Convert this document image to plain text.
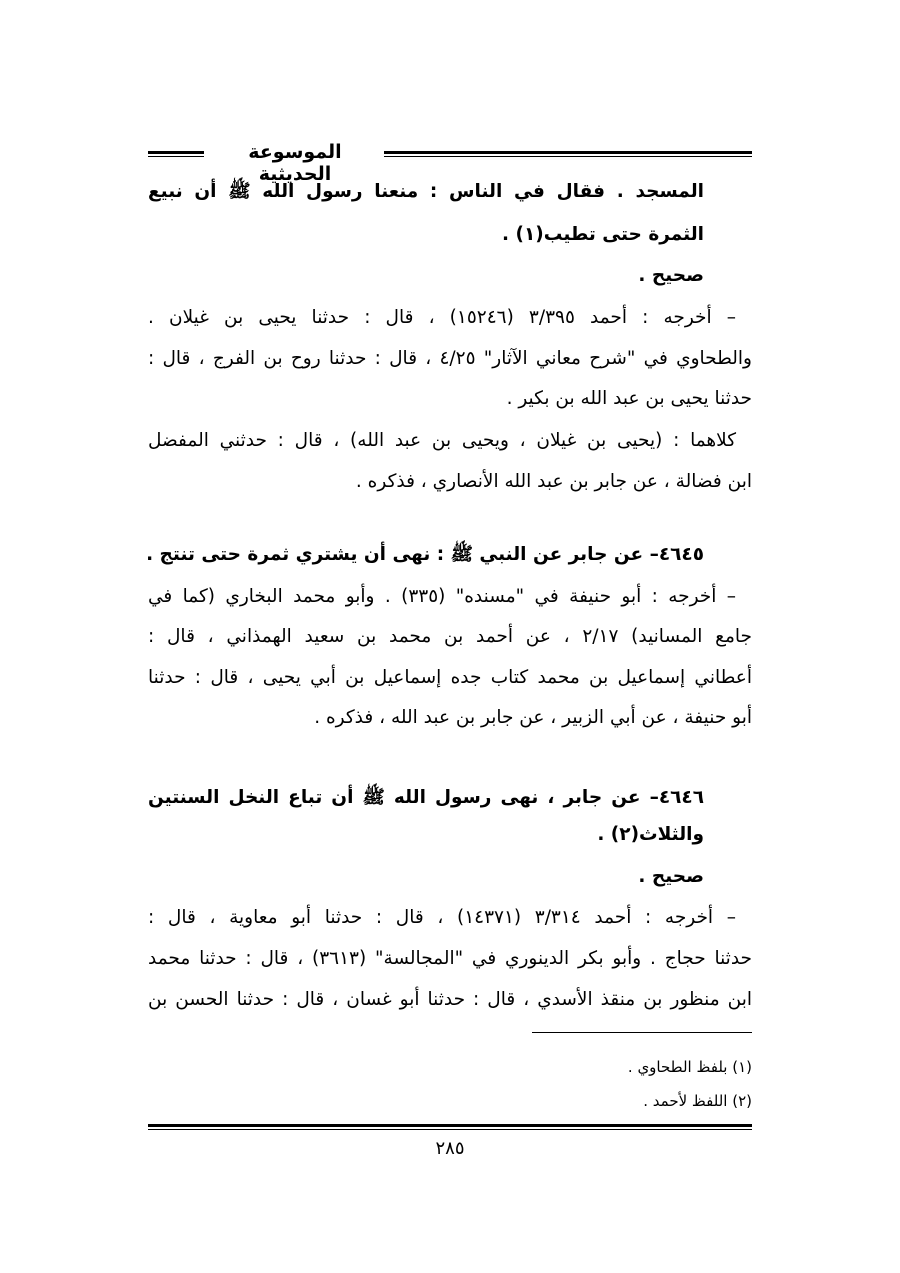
الموسوعة الحديثية
المسجد . فقال في الناس : منعنا رسول الله ﷺ أن نبيع
الثمرة حتى تطيب(١) .
صحيح .
– أخرجه : أحمد ٣/٣٩٥ (١٥٢٤٦) ، قال : حدثنا يحيى بن غيلان .
والطحاوي في "شرح معاني الآثار" ٤/٢٥ ، قال : حدثنا روح بن الفرج ، قال :
حدثنا يحيى بن عبد الله بن بكير .
كلاهما : (يحيى بن غيلان ، ويحيى بن عبد الله) ، قال : حدثني المفضل
ابن فضالة ، عن جابر بن عبد الله الأنصاري ، فذكره .
٤٦٤٥– عن جابر عن النبي ﷺ : نهى أن يشتري ثمرة حتى تنتج .
– أخرجه : أبو حنيفة في "مسنده" (٣٣٥) . وأبو محمد البخاري (كما في
جامع المسانيد) ٢/١٧ ، عن أحمد بن محمد بن سعيد الهمذاني ، قال :
أعطاني إسماعيل بن محمد كتاب جده إسماعيل بن أبي يحيى ، قال : حدثنا
أبو حنيفة ، عن أبي الزبير ، عن جابر بن عبد الله ، فذكره .
٤٦٤٦– عن جابر ، نهى رسول الله ﷺ أن تباع النخل السنتين
والثلاث(٢) .
صحيح .
– أخرجه : أحمد ٣/٣١٤ (١٤٣٧١) ، قال : حدثنا أبو معاوية ، قال :
حدثنا حجاج . وأبو بكر الدينوري في "المجالسة" (٣٦١٣) ، قال : حدثنا محمد
ابن منظور بن منقذ الأسدي ، قال : حدثنا أبو غسان ، قال : حدثنا الحسن بن
(١) بلفظ الطحاوي .
(٢) اللفظ لأحمد .
٢٨٥
